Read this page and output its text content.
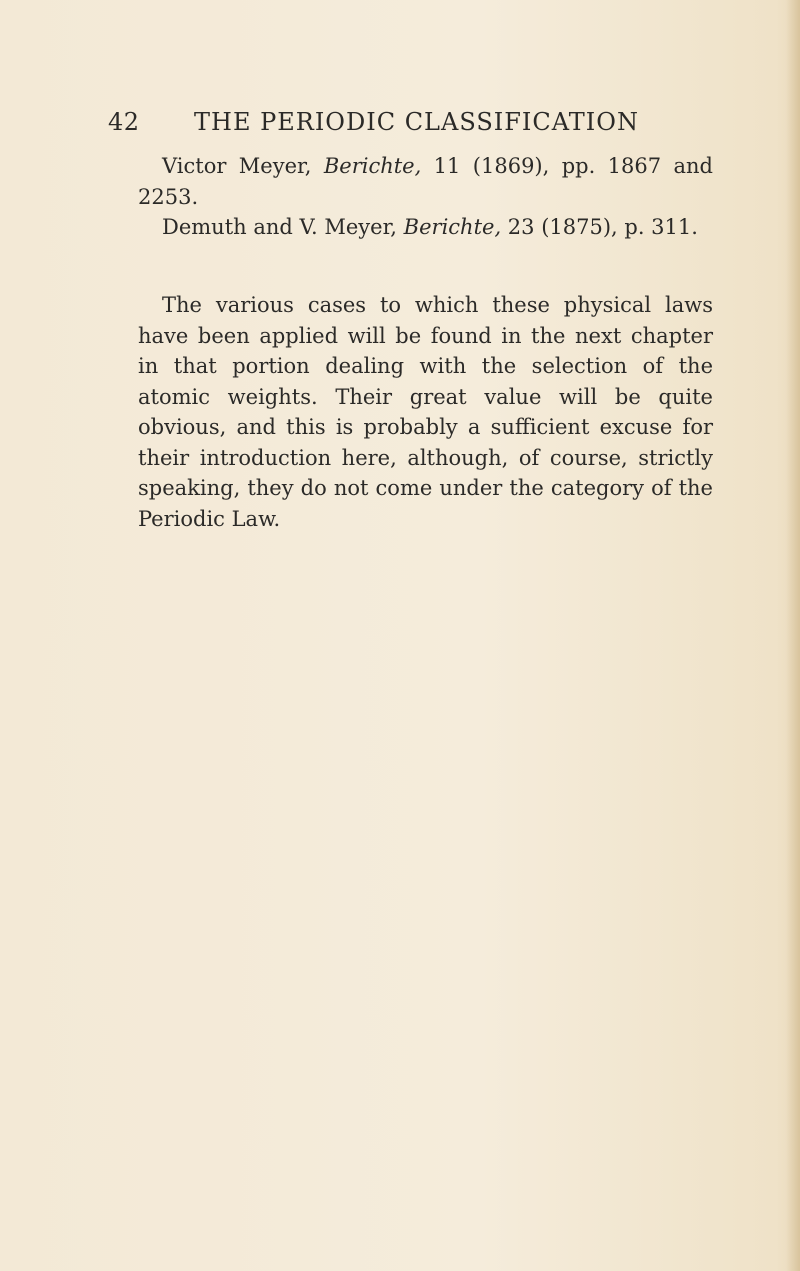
42	THE PERIODIC CLASSIFICATION
Victor Meyer, Berichte, 11 (1869), pp. 1867 and
2253.
Demuth and V. Meyer, Berichte, 23 (1875), p. 311.
The various cases to which these physical laws have been applied will be found in the next chapter in that portion dealing with the selection of the atomic weights. Their great value will be quite obvious, and this is probably a sufficient excuse for their introduction here, although, of course, strictly speaking, they do not come under the category of the Periodic Law.
